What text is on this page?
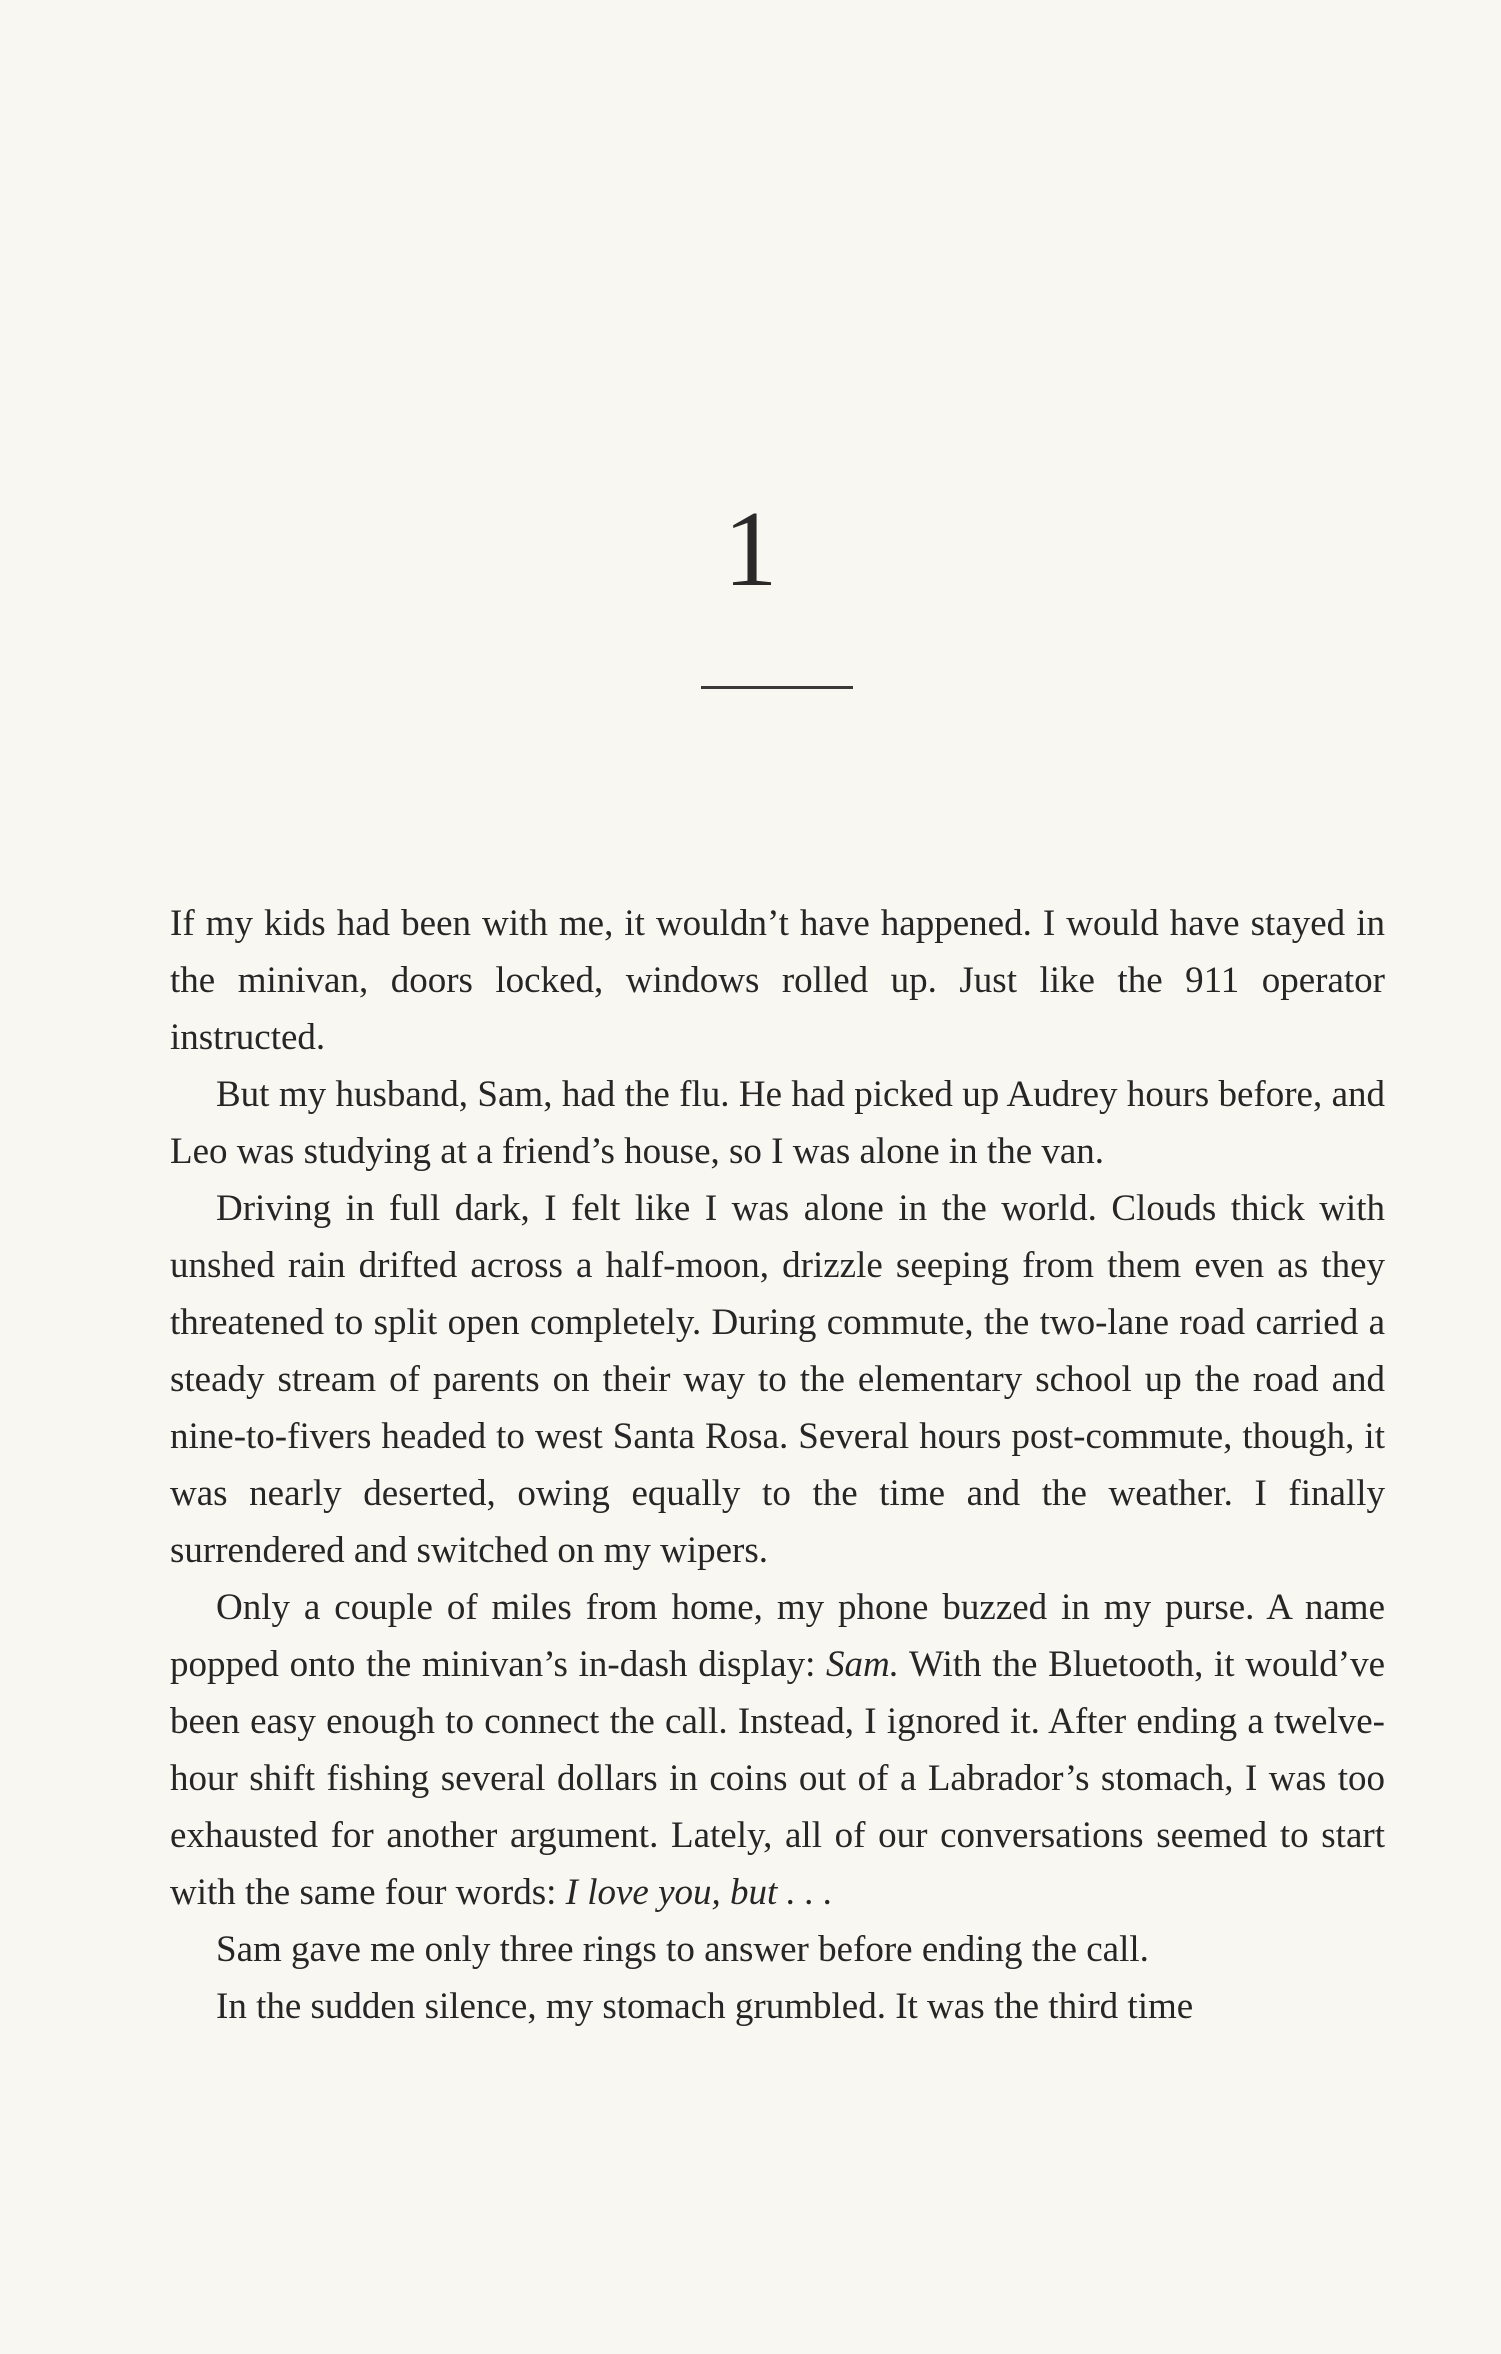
1

If my kids had been with me, it wouldn’t have happened. I would have stayed in the minivan, doors locked, windows rolled up. Just like the 911 operator instructed.

But my husband, Sam, had the flu. He had picked up Audrey hours before, and Leo was studying at a friend’s house, so I was alone in the van.

Driving in full dark, I felt like I was alone in the world. Clouds thick with unshed rain drifted across a half-moon, drizzle seeping from them even as they threatened to split open completely. During commute, the two-lane road carried a steady stream of parents on their way to the elementary school up the road and nine-to-fivers headed to west Santa Rosa. Several hours post-commute, though, it was nearly deserted, owing equally to the time and the weather. I finally surrendered and switched on my wipers.

Only a couple of miles from home, my phone buzzed in my purse. A name popped onto the minivan’s in-dash display: Sam. With the Bluetooth, it would’ve been easy enough to connect the call. Instead, I ignored it. After ending a twelve-hour shift fishing several dollars in coins out of a Labrador’s stomach, I was too exhausted for another argument. Lately, all of our conversations seemed to start with the same four words: I love you, but . . .

Sam gave me only three rings to answer before ending the call.

In the sudden silence, my stomach grumbled. It was the third time
